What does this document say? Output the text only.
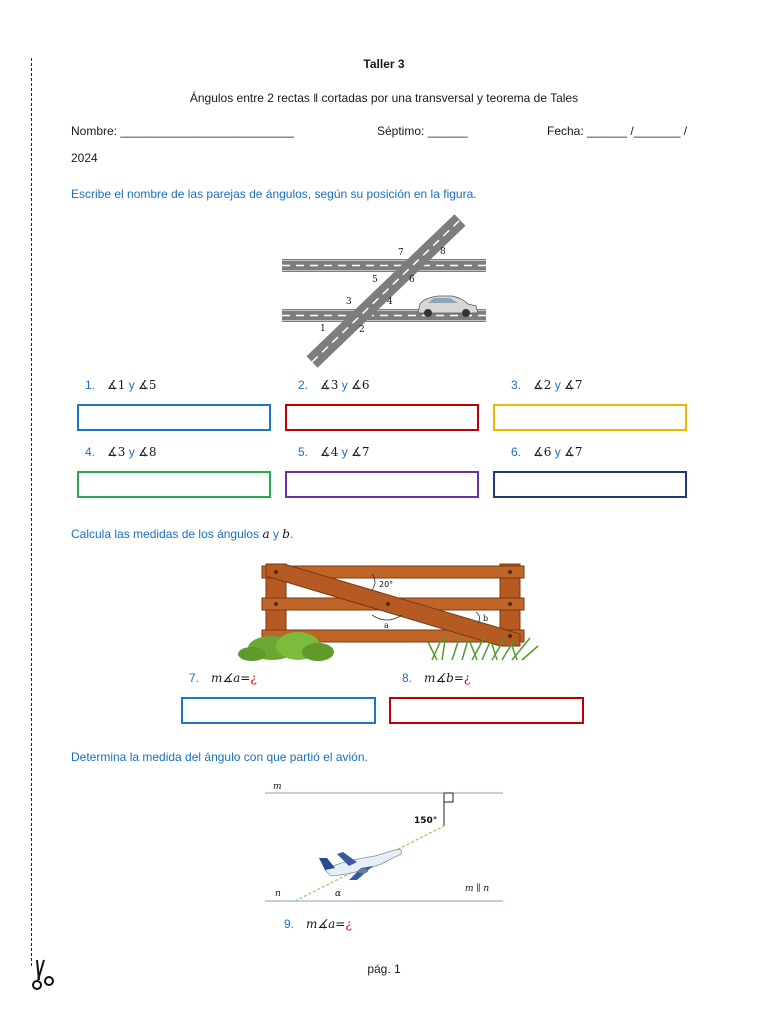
Taller 3
Ángulos entre 2 rectas ‖ cortadas por una transversal y teorema de Tales
Nombre: __________________________	Séptimo: ______	Fecha: ______ /_______ /
2024
Escribe el nombre de las parejas de ángulos, según su posición en la figura.
7	8
5	6
3	4
1	2
1. ∡1 y ∡5	2. ∡3 y ∡6	3. ∡2 y ∡7
4. ∡3 y ∡8	5. ∡4 y ∡7	6. ∡6 y ∡7
Calcula las medidas de los ángulos a y b.
20°
a
b
7. m∡a=¿	8. m∡b=¿
Determina la medida del ángulo con que partió el avión.
m
n
150°
α	m ∥ n
9. m∡a=¿
pág. 1
